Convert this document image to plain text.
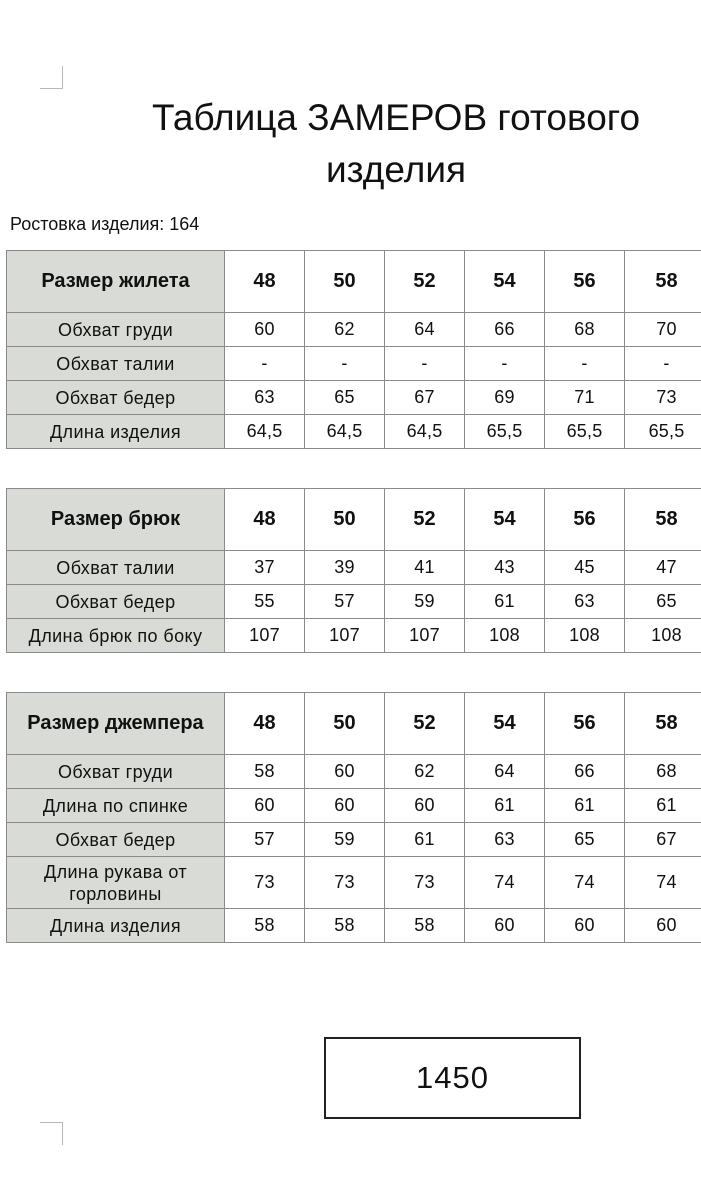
Таблица ЗАМЕРОВ готового изделия
Ростовка изделия: 164
Размер жилета	48	50	52	54	56	58
Обхват груди	60	62	64	66	68	70
Обхват талии	-	-	-	-	-	-
Обхват бедер	63	65	67	69	71	73
Длина изделия	64,5	64,5	64,5	65,5	65,5	65,5
Размер брюк	48	50	52	54	56	58
Обхват талии	37	39	41	43	45	47
Обхват бедер	55	57	59	61	63	65
Длина брюк по боку	107	107	107	108	108	108
Размер джемпера	48	50	52	54	56	58
Обхват груди	58	60	62	64	66	68
Длина по спинке	60	60	60	61	61	61
Обхват бедер	57	59	61	63	65	67
Длина рукава от горловины	73	73	73	74	74	74
Длина изделия	58	58	58	60	60	60
1450
